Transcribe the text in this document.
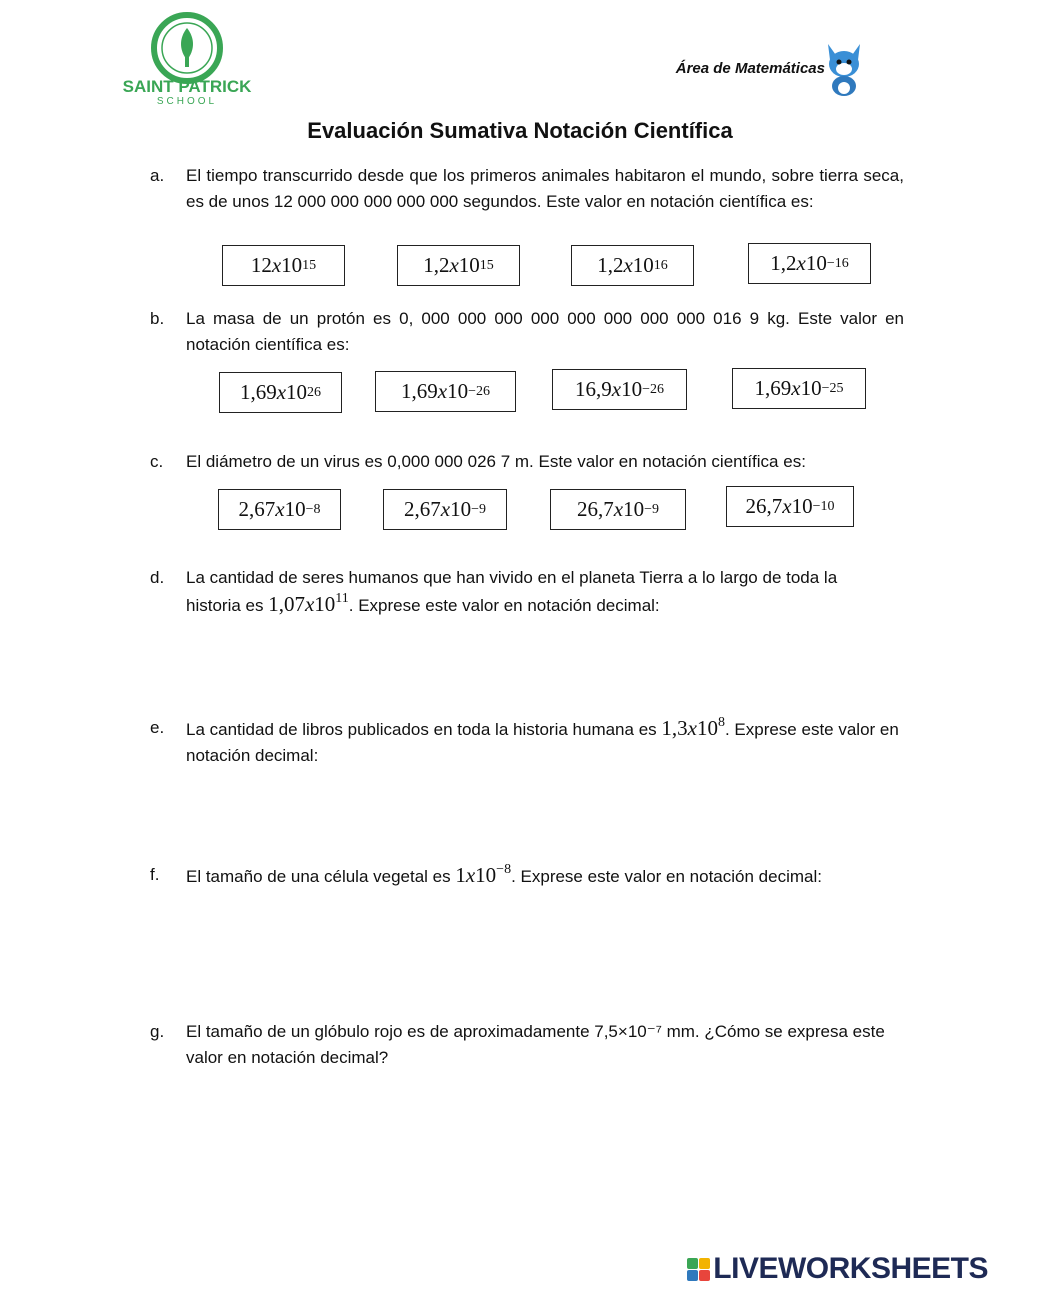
SAINT PATRICK
SCHOOL
Área de Matemáticas
Evaluación Sumativa Notación Científica
a. El tiempo transcurrido desde que los primeros animales habitaron el mundo, sobre tierra seca, es de unos 12 000 000 000 000 000 segundos. Este valor en notación científica es:
12 x 10 15	1,2 x 10 15	1,2 x 10 16	1,2 x 10 −16
b. La masa de un protón es 0, 000 000 000 000 000 000 000 000 016 9 kg. Este valor en notación científica es:
1,69 x 10 26	1,69 x 10 −26	16,9 x 10 −26	1,69 x 10 −25
c. El diámetro de un virus es 0,000 000 026 7 m. Este valor en notación científica es:
2,67 x 10 −8	2,67 x 10 −9	26,7 x 10 −9	26,7 x 10 −10
d. La cantidad de seres humanos que han vivido en el planeta Tierra a lo largo de toda la historia es $1,07x10^{11}$. Exprese este valor en notación decimal:
e. La cantidad de libros publicados en toda la historia humana es $1,3x10^8$. Exprese este valor en notación decimal:
f. El tamaño de una célula vegetal es $1x10^{-8}$. Exprese este valor en notación decimal:
g. El tamaño de un glóbulo rojo es de aproximadamente 7,5×10⁻⁷ mm. ¿Cómo se expresa este valor en notación decimal?
LIVEWORKSHEETS
